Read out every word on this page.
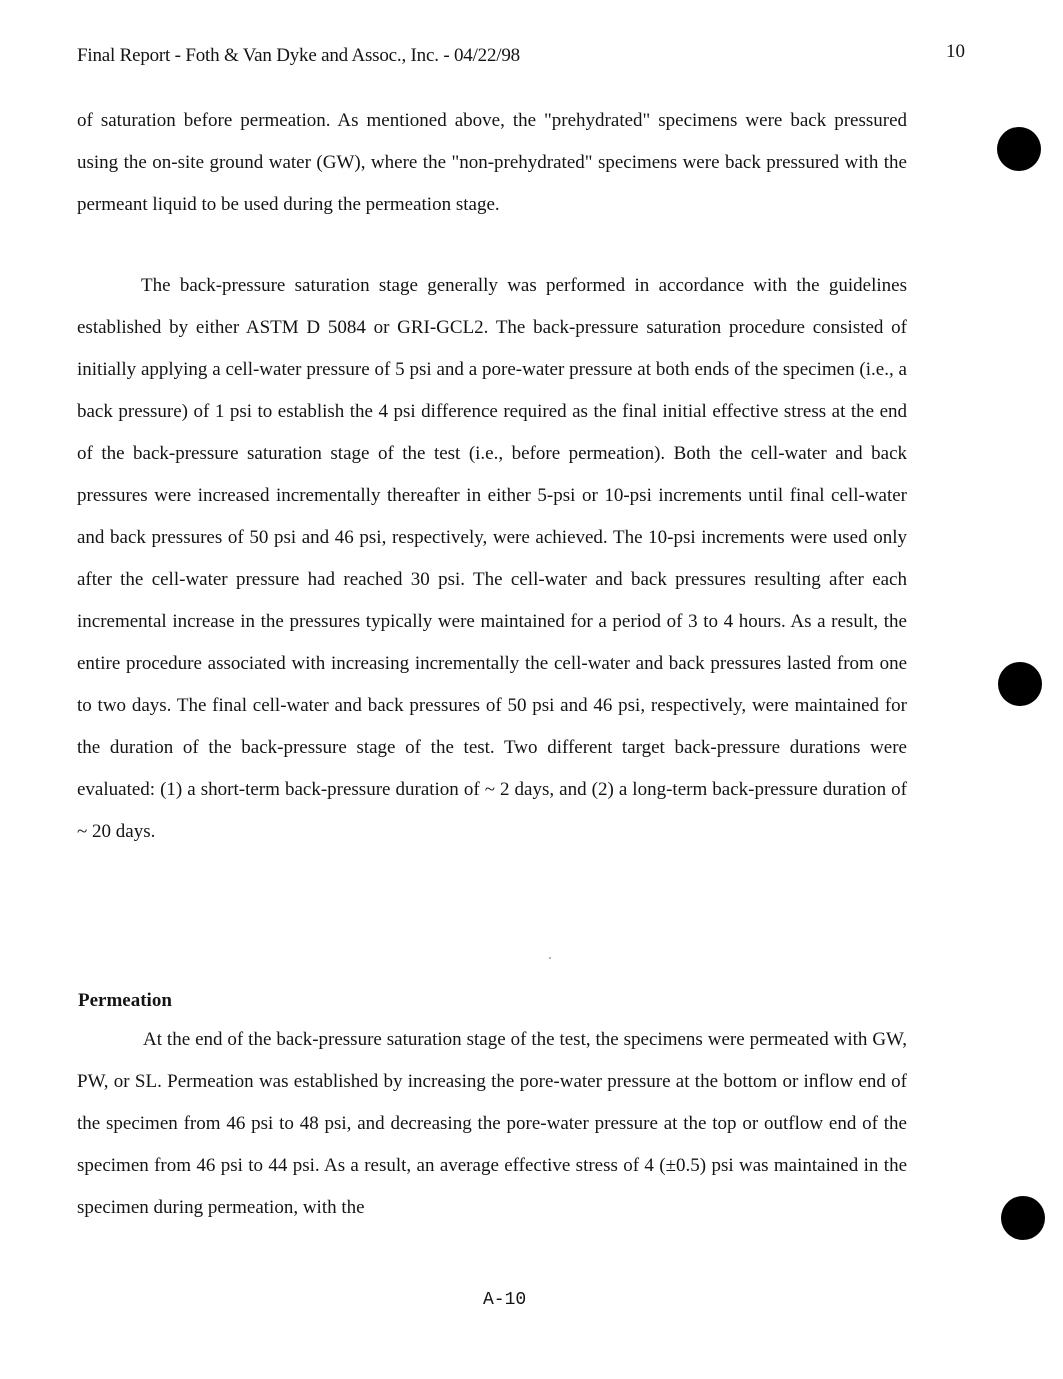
Final Report - Foth & Van Dyke and Assoc., Inc. - 04/22/98	10

of saturation before permeation. As mentioned above, the "prehydrated" specimens were back pressured using the on-site ground water (GW), where the "non-prehydrated" specimens were back pressured with the permeant liquid to be used during the permeation stage.

The back-pressure saturation stage generally was performed in accordance with the guidelines established by either ASTM D 5084 or GRI-GCL2. The back-pressure saturation procedure consisted of initially applying a cell-water pressure of 5 psi and a pore-water pressure at both ends of the specimen (i.e., a back pressure) of 1 psi to establish the 4 psi difference required as the final initial effective stress at the end of the back-pressure saturation stage of the test (i.e., before permeation). Both the cell-water and back pressures were increased incrementally thereafter in either 5-psi or 10-psi increments until final cell-water and back pressures of 50 psi and 46 psi, respectively, were achieved. The 10-psi increments were used only after the cell-water pressure had reached 30 psi. The cell-water and back pressures resulting after each incremental increase in the pressures typically were maintained for a period of 3 to 4 hours. As a result, the entire procedure associated with increasing incrementally the cell-water and back pressures lasted from one to two days. The final cell-water and back pressures of 50 psi and 46 psi, respectively, were maintained for the duration of the back-pressure stage of the test. Two different target back-pressure durations were evaluated: (1) a short-term back-pressure duration of ~ 2 days, and (2) a long-term back-pressure duration of ~ 20 days.

Permeation

At the end of the back-pressure saturation stage of the test, the specimens were permeated with GW, PW, or SL. Permeation was established by increasing the pore-water pressure at the bottom or inflow end of the specimen from 46 psi to 48 psi, and decreasing the pore-water pressure at the top or outflow end of the specimen from 46 psi to 44 psi. As a result, an average effective stress of 4 (±0.5) psi was maintained in the specimen during permeation, with the

A-10
